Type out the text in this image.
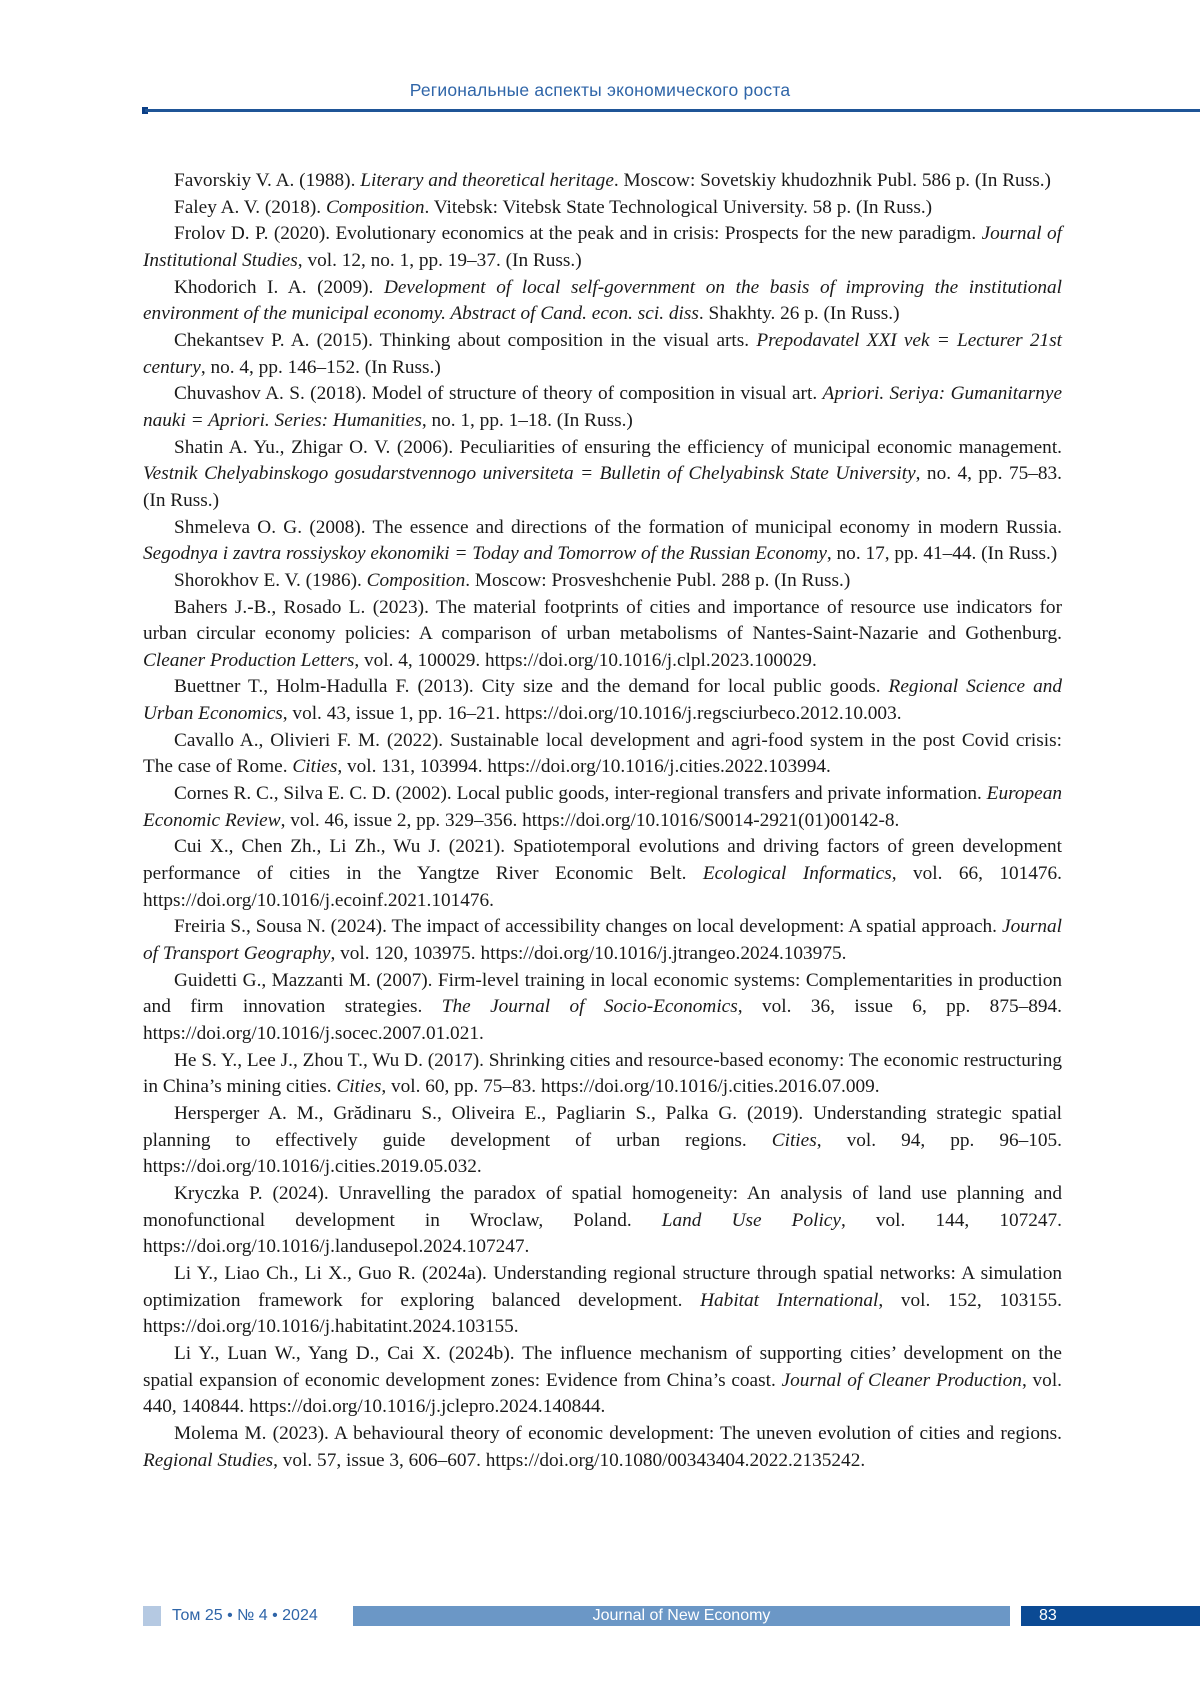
Региональные аспекты экономического роста

Favorskiy V. A. (1988). Literary and theoretical heritage. Moscow: Sovetskiy khudozhnik Publ. 586 p. (In Russ.)

Faley A. V. (2018). Composition. Vitebsk: Vitebsk State Technological University. 58 p. (In Russ.)

Frolov D. P. (2020). Evolutionary economics at the peak and in crisis: Prospects for the new paradigm. Journal of Institutional Studies, vol. 12, no. 1, pp. 19–37. (In Russ.)

Khodorich I. A. (2009). Development of local self-government on the basis of improving the institutional environment of the municipal economy. Abstract of Cand. econ. sci. diss. Shakhty. 26 p. (In Russ.)

Chekantsev P. A. (2015). Thinking about composition in the visual arts. Prepodavatel XXI vek = Lecturer 21st century, no. 4, pp. 146–152. (In Russ.)

Chuvashov A. S. (2018). Model of structure of theory of composition in visual art. Apriori. Seriya: Gumanitarnye nauki = Apriori. Series: Humanities, no. 1, pp. 1–18. (In Russ.)

Shatin A. Yu., Zhigar O. V. (2006). Peculiarities of ensuring the efficiency of municipal economic management. Vestnik Chelyabinskogo gosudarstvennogo universiteta = Bulletin of Chelyabinsk State University, no. 4, pp. 75–83. (In Russ.)

Shmeleva O. G. (2008). The essence and directions of the formation of municipal economy in modern Russia. Segodnya i zavtra rossiyskoy ekonomiki = Today and Tomorrow of the Russian Economy, no. 17, pp. 41–44. (In Russ.)

Shorokhov E. V. (1986). Composition. Moscow: Prosveshchenie Publ. 288 p. (In Russ.)

Bahers J.-B., Rosado L. (2023). The material footprints of cities and importance of resource use indicators for urban circular economy policies: A comparison of urban metabolisms of Nantes-Saint-Nazarie and Gothenburg. Cleaner Production Letters, vol. 4, 100029. https://doi.org/10.1016/j.clpl.2023.100029.

Buettner T., Holm-Hadulla F. (2013). City size and the demand for local public goods. Regional Science and Urban Economics, vol. 43, issue 1, pp. 16–21. https://doi.org/10.1016/j.regsciurbeco.2012.10.003.

Cavallo A., Olivieri F. M. (2022). Sustainable local development and agri-food system in the post Covid crisis: The case of Rome. Cities, vol. 131, 103994. https://doi.org/10.1016/j.cities.2022.103994.

Cornes R. C., Silva E. C. D. (2002). Local public goods, inter-regional transfers and private information. European Economic Review, vol. 46, issue 2, pp. 329–356. https://doi.org/10.1016/S0014-2921(01)00142-8.

Cui X., Chen Zh., Li Zh., Wu J. (2021). Spatiotemporal evolutions and driving factors of green development performance of cities in the Yangtze River Economic Belt. Ecological Informatics, vol. 66, 101476. https://doi.org/10.1016/j.ecoinf.2021.101476.

Freiria S., Sousa N. (2024). The impact of accessibility changes on local development: A spatial approach. Journal of Transport Geography, vol. 120, 103975. https://doi.org/10.1016/j.jtrangeo.2024.103975.

Guidetti G., Mazzanti M. (2007). Firm-level training in local economic systems: Complementarities in production and firm innovation strategies. The Journal of Socio-Economics, vol. 36, issue 6, pp. 875–894. https://doi.org/10.1016/j.socec.2007.01.021.

He S. Y., Lee J., Zhou T., Wu D. (2017). Shrinking cities and resource-based economy: The economic restructuring in China’s mining cities. Cities, vol. 60, pp. 75–83. https://doi.org/10.1016/j.cities.2016.07.009.

Hersperger A. M., Grădinaru S., Oliveira E., Pagliarin S., Palka G. (2019). Understanding strategic spatial planning to effectively guide development of urban regions. Cities, vol. 94, pp. 96–105. https://doi.org/10.1016/j.cities.2019.05.032.

Kryczka P. (2024). Unravelling the paradox of spatial homogeneity: An analysis of land use planning and monofunctional development in Wroclaw, Poland. Land Use Policy, vol. 144, 107247. https://doi.org/10.1016/j.landusepol.2024.107247.

Li Y., Liao Ch., Li X., Guo R. (2024a). Understanding regional structure through spatial networks: A simulation optimization framework for exploring balanced development. Habitat International, vol. 152, 103155. https://doi.org/10.1016/j.habitatint.2024.103155.

Li Y., Luan W., Yang D., Cai X. (2024b). The influence mechanism of supporting cities’ development on the spatial expansion of economic development zones: Evidence from China’s coast. Journal of Cleaner Production, vol. 440, 140844. https://doi.org/10.1016/j.jclepro.2024.140844.

Molema M. (2023). A behavioural theory of economic development: The uneven evolution of cities and regions. Regional Studies, vol. 57, issue 3, 606–607. https://doi.org/10.1080/00343404.2022.2135242.

Том 25 • № 4 • 2024	Journal of New Economy	83
